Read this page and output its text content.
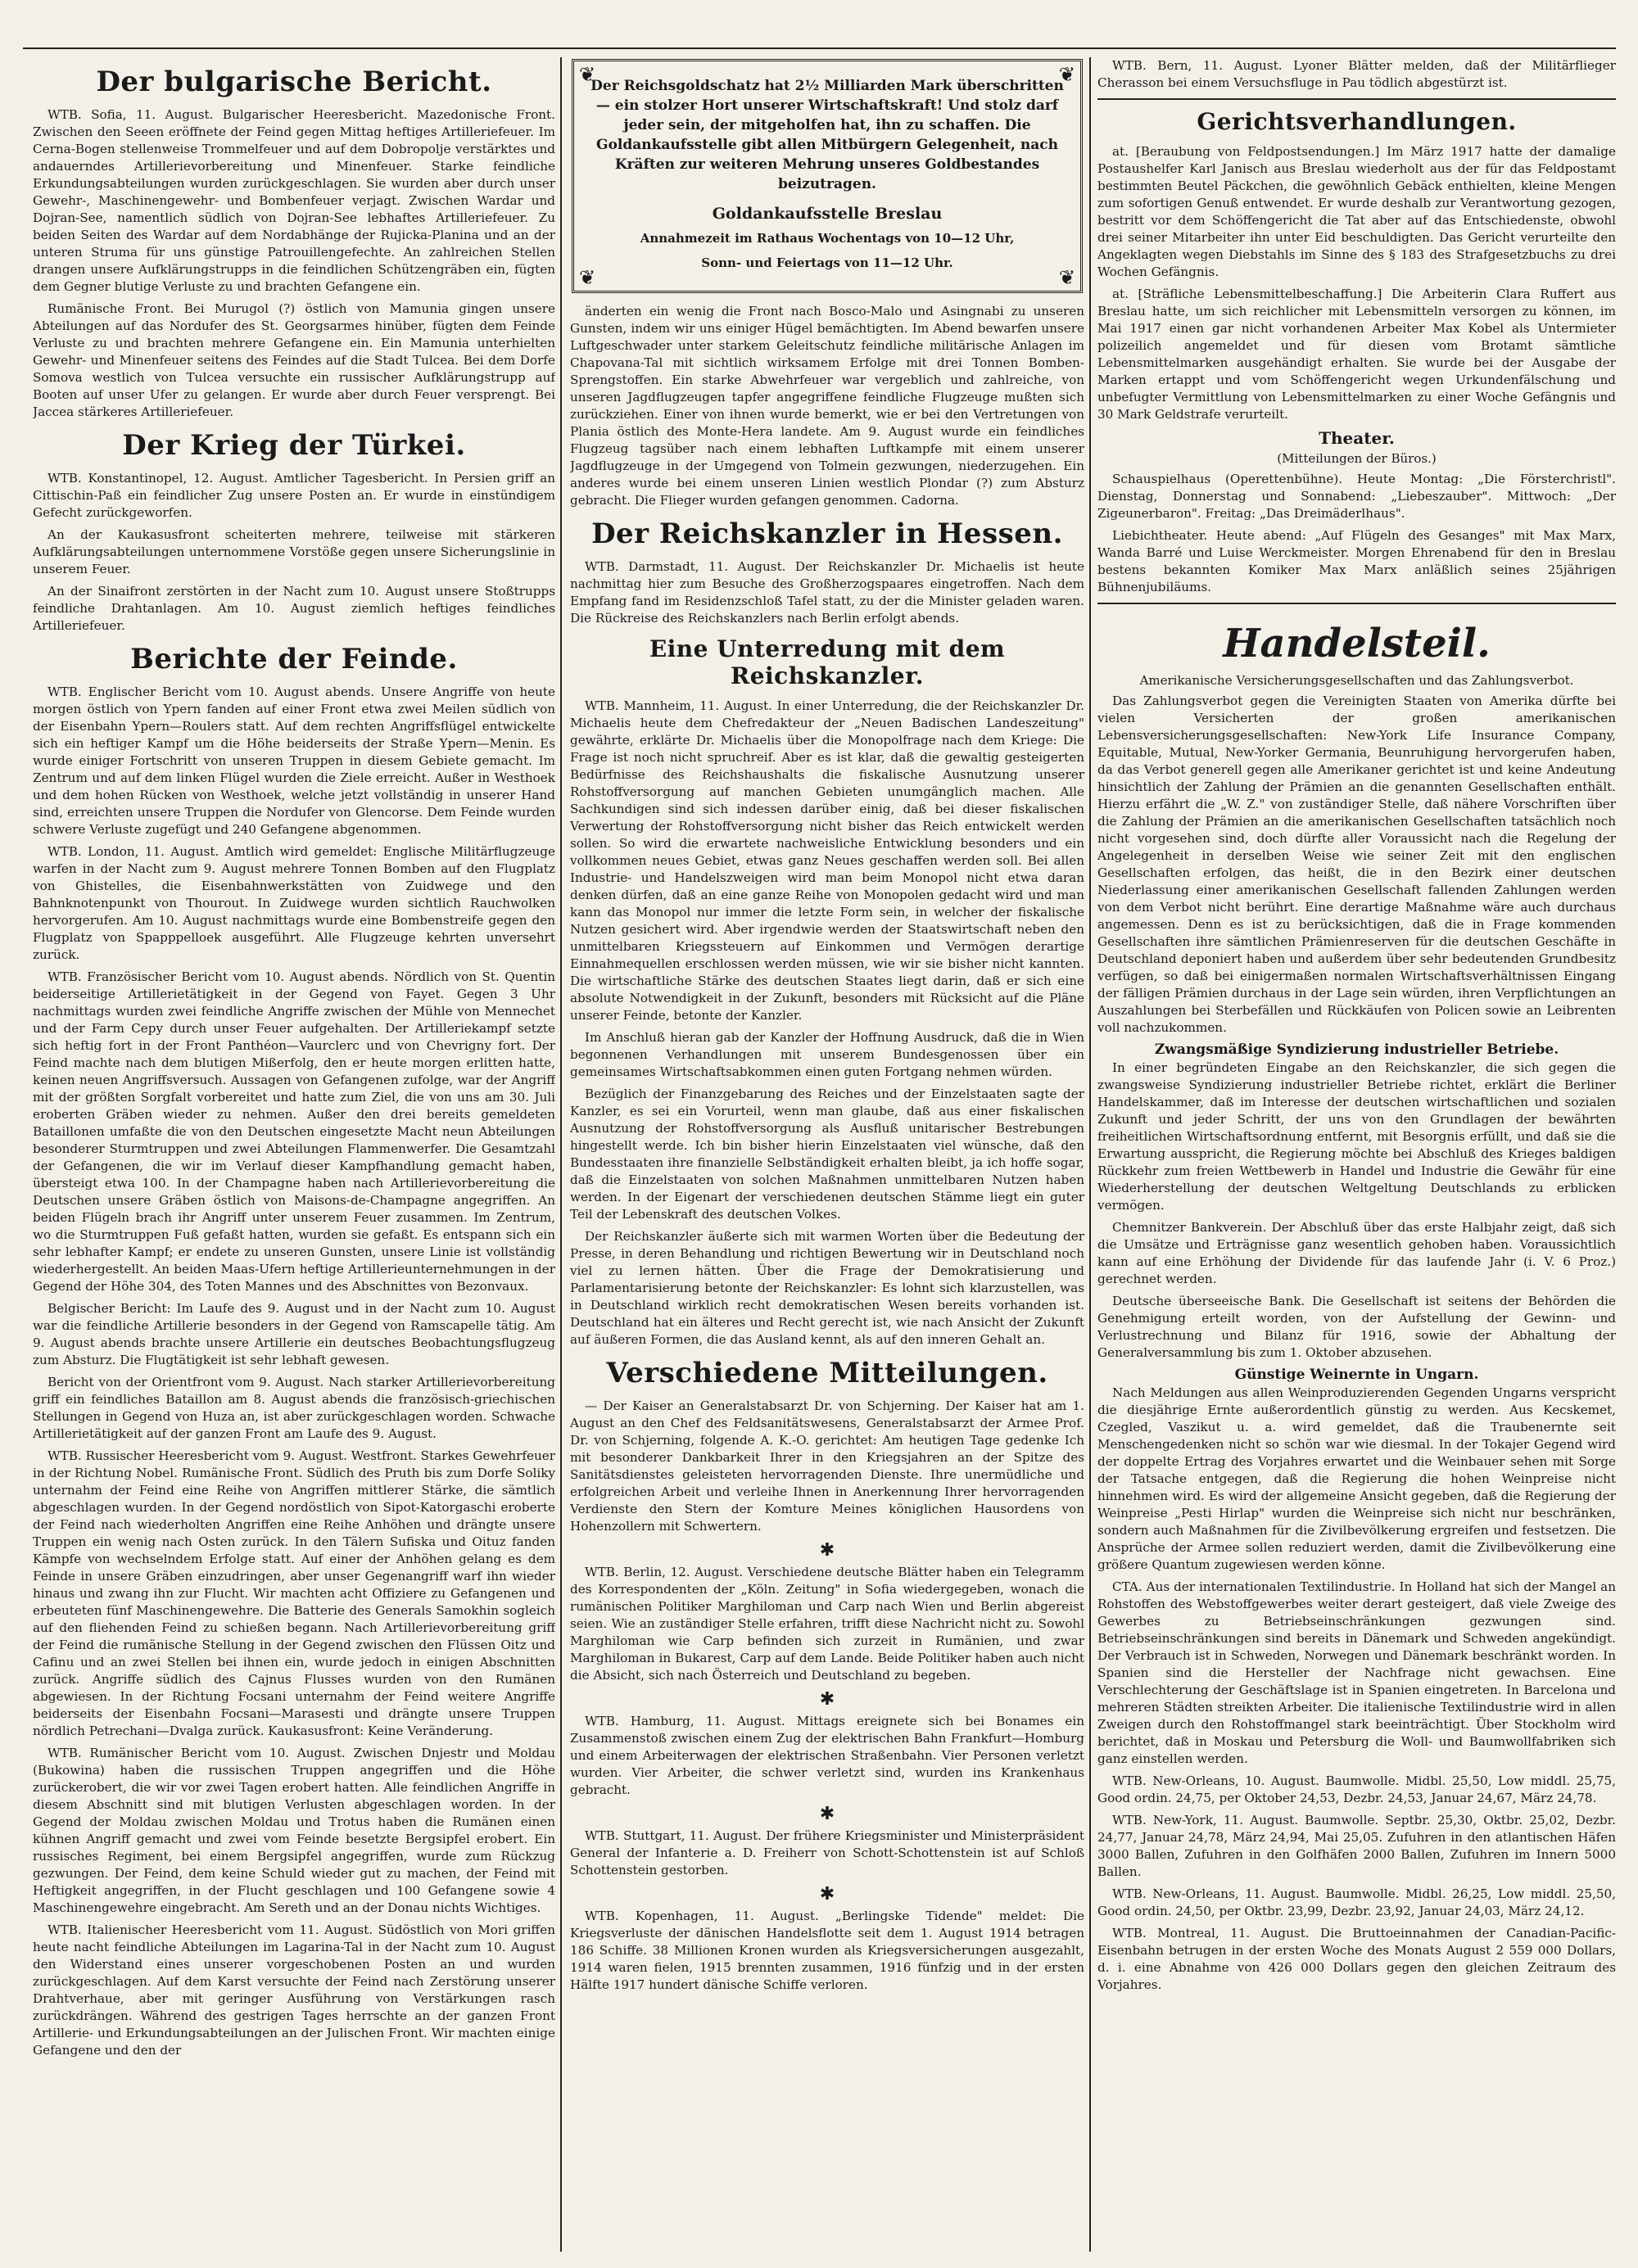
Der bulgarische Bericht.

WTB. Sofia, 11. August. Bulgarischer Heeresbericht. Mazedonische Front. Zwischen den Seeen eröffnete der Feind gegen Mittag heftiges Artilleriefeuer. Im Cerna-Bogen stellenweise Trommelfeuer und auf dem Dobropolje verstärktes und andauerndes Artillerievorbereitung und Minenfeuer. Starke feindliche Erkundungsabteilungen wurden zurückgeschlagen. Sie wurden aber durch unser Gewehr-, Maschinengewehr- und Bombenfeuer verjagt. Zwischen Wardar und Dojran-See, namentlich südlich von Dojran-See lebhaftes Artilleriefeuer. Zu beiden Seiten des Wardar auf dem Nordabhänge der Rujicka-Planina und an der unteren Struma für uns günstige Patrouillengefechte. An zahlreichen Stellen drangen unsere Aufklärungstrupps in die feindlichen Schützengräben ein, fügten dem Gegner blutige Verluste zu und brachten Gefangene ein.

Rumänische Front. Bei Murugol (?) östlich von Mamunia gingen unsere Abteilungen auf das Nordufer des St. Georgsarmes hinüber, fügten dem Feinde Verluste zu und brachten mehrere Gefangene ein. Ein Mamunia unterhielten Gewehr- und Minenfeuer seitens des Feindes auf die Stadt Tulcea. Bei dem Dorfe Somova westlich von Tulcea versuchte ein russischer Aufklärungstrupp auf Booten auf unser Ufer zu gelangen. Er wurde aber durch Feuer versprengt. Bei Jaccea stärkeres Artilleriefeuer.

Der Krieg der Türkei.

WTB. Konstantinopel, 12. August. Amtlicher Tagesbericht. In Persien griff an Cittischin-Paß ein feindlicher Zug unsere Posten an. Er wurde in einstündigem Gefecht zurückgeworfen.

An der Kaukasusfront scheiterten mehrere, teilweise mit stärkeren Aufklärungsabteilungen unternommene Vorstöße gegen unsere Sicherungslinie in unserem Feuer.

An der Sinaifront zerstörten in der Nacht zum 10. August unsere Stoßtrupps feindliche Drahtanlagen. Am 10. August ziemlich heftiges feindliches Artilleriefeuer.

Berichte der Feinde.

WTB. Englischer Bericht vom 10. August abends. Unsere Angriffe von heute morgen östlich von Ypern fanden auf einer Front etwa zwei Meilen südlich von der Eisenbahn Ypern—Roulers statt. Auf dem rechten Angriffsflügel entwickelte sich ein heftiger Kampf um die Höhe beiderseits der Straße Ypern—Menin. Es wurde einiger Fortschritt von unseren Truppen in diesem Gebiete gemacht. Im Zentrum und auf dem linken Flügel wurden die Ziele erreicht. Außer in Westhoek und dem hohen Rücken von Westhoek, welche jetzt vollständig in unserer Hand sind, erreichten unsere Truppen die Nordufer von Glencorse. Dem Feinde wurden schwere Verluste zugefügt und 240 Gefangene abgenommen.

WTB. London, 11. August. Amtlich wird gemeldet: Englische Militärflugzeuge warfen in der Nacht zum 9. August mehrere Tonnen Bomben auf den Flugplatz von Ghistelles, die Eisenbahnwerkstätten von Zuidwege und den Bahnknotenpunkt von Thourout. In Zuidwege wurden sichtlich Rauchwolken hervorgerufen. Am 10. August nachmittags wurde eine Bombenstreife gegen den Flugplatz von Spapppelloek ausgeführt. Alle Flugzeuge kehrten unversehrt zurück.

WTB. Französischer Bericht vom 10. August abends. Nördlich von St. Quentin beiderseitige Artillerietätigkeit in der Gegend von Fayet. Gegen 3 Uhr nachmittags wurden zwei feindliche Angriffe zwischen der Mühle von Mennechet und der Farm Cepy durch unser Feuer aufgehalten. Der Artilleriekampf setzte sich heftig fort in der Front Panthéon—Vaurclerc und von Chevrigny fort. Der Feind machte nach dem blutigen Mißerfolg, den er heute morgen erlitten hatte, keinen neuen Angriffsversuch. Aussagen von Gefangenen zufolge, war der Angriff mit der größten Sorgfalt vorbereitet und hatte zum Ziel, die von uns am 30. Juli eroberten Gräben wieder zu nehmen. Außer den drei bereits gemeldeten Bataillonen umfaßte die von den Deutschen eingesetzte Macht neun Abteilungen besonderer Sturmtruppen und zwei Abteilungen Flammenwerfer. Die Gesamtzahl der Gefangenen, die wir im Verlauf dieser Kampfhandlung gemacht haben, übersteigt etwa 100. In der Champagne haben nach Artillerievorbereitung die Deutschen unsere Gräben östlich von Maisons-de-Champagne angegriffen. An beiden Flügeln brach ihr Angriff unter unserem Feuer zusammen. Im Zentrum, wo die Sturmtruppen Fuß gefaßt hatten, wurden sie gefaßt. Es entspann sich ein sehr lebhafter Kampf; er endete zu unseren Gunsten, unsere Linie ist vollständig wiederhergestellt. An beiden Maas-Ufern heftige Artillerieunternehmungen in der Gegend der Höhe 304, des Toten Mannes und des Abschnittes von Bezonvaux.

Belgischer Bericht: Im Laufe des 9. August und in der Nacht zum 10. August war die feindliche Artillerie besonders in der Gegend von Ramscapelle tätig. Am 9. August abends brachte unsere Artillerie ein deutsches Beobachtungsflugzeug zum Absturz. Die Flugtätigkeit ist sehr lebhaft gewesen.

Bericht von der Orientfront vom 9. August. Nach starker Artillerievorbereitung griff ein feindliches Bataillon am 8. August abends die französisch-griechischen Stellungen in Gegend von Huza an, ist aber zurückgeschlagen worden. Schwache Artillerietätigkeit auf der ganzen Front am Laufe des 9. August.

WTB. Russischer Heeresbericht vom 9. August. Westfront. Starkes Gewehrfeuer in der Richtung Nobel. Rumänische Front. Südlich des Pruth bis zum Dorfe Soliky unternahm der Feind eine Reihe von Angriffen mittlerer Stärke, die sämtlich abgeschlagen wurden. In der Gegend nordöstlich von Sipot-Katorgaschi eroberte der Feind nach wiederholten Angriffen eine Reihe Anhöhen und drängte unsere Truppen ein wenig nach Osten zurück. In den Tälern Sufiska und Oituz fanden Kämpfe von wechselndem Erfolge statt. Auf einer der Anhöhen gelang es dem Feinde in unsere Gräben einzudringen, aber unser Gegenangriff warf ihn wieder hinaus und zwang ihn zur Flucht. Wir machten acht Offiziere zu Gefangenen und erbeuteten fünf Maschinengewehre. Die Batterie des Generals Samokhin sogleich auf den fliehenden Feind zu schießen begann. Nach Artillerievorbereitung griff der Feind die rumänische Stellung in der Gegend zwischen den Flüssen Oitz und Cafinu und an zwei Stellen bei ihnen ein, wurde jedoch in einigen Abschnitten zurück. Angriffe südlich des Cajnus Flusses wurden von den Rumänen abgewiesen. In der Richtung Focsani unternahm der Feind weitere Angriffe beiderseits der Eisenbahn Focsani—Marasesti und drängte unsere Truppen nördlich Petrechani—Dvalga zurück. Kaukasusfront: Keine Veränderung.

WTB. Rumänischer Bericht vom 10. August. Zwischen Dnjestr und Moldau (Bukowina) haben die russischen Truppen angegriffen und die Höhe zurückerobert, die wir vor zwei Tagen erobert hatten. Alle feindlichen Angriffe in diesem Abschnitt sind mit blutigen Verlusten abgeschlagen worden. In der Gegend der Moldau zwischen Moldau und Trotus haben die Rumänen einen kühnen Angriff gemacht und zwei vom Feinde besetzte Bergsipfel erobert. Ein russisches Regiment, bei einem Bergsipfel angegriffen, wurde zum Rückzug gezwungen. Der Feind, dem keine Schuld wieder gut zu machen, der Feind mit Heftigkeit angegriffen, in der Flucht geschlagen und 100 Gefangene sowie 4 Maschinengewehre eingebracht. Am Sereth und an der Donau nichts Wichtiges.

WTB. Italienischer Heeresbericht vom 11. August. Südöstlich von Mori griffen heute nacht feindliche Abteilungen im Lagarina-Tal in der Nacht zum 10. August den Widerstand eines unserer vorgeschobenen Posten an und wurden zurückgeschlagen. Auf dem Karst versuchte der Feind nach Zerstörung unserer Drahtverhaue, aber mit geringer Ausführung von Verstärkungen rasch zurückdrängen. Während des gestrigen Tages herrschte an der ganzen Front Artillerie- und Erkundungsabteilungen an der Julischen Front. Wir machten einige Gefangene und den der

❦	❦
❦	❦

Der Reichsgoldschatz hat 2½ Milliarden Mark überschritten — ein stolzer Hort unserer Wirtschaftskraft! Und stolz darf jeder sein, der mitgeholfen hat, ihn zu schaffen. Die Goldankaufsstelle gibt allen Mitbürgern Gelegenheit, nach Kräften zur weiteren Mehrung unseres Goldbestandes beizutragen.

Goldankaufsstelle Breslau

Annahmezeit im Rathaus Wochentags von 10—12 Uhr,

Sonn- und Feiertags von 11—12 Uhr.

änderten ein wenig die Front nach Bosco-Malo und Asingnabi zu unseren Gunsten, indem wir uns einiger Hügel bemächtigten. Im Abend bewarfen unsere Luftgeschwader unter starkem Geleitschutz feindliche militärische Anlagen im Chapovana-Tal mit sichtlich wirksamem Erfolge mit drei Tonnen Bomben-Sprengstoffen. Ein starke Abwehrfeuer war vergeblich und zahlreiche, von unseren Jagdflugzeugen tapfer angegriffene feindliche Flugzeuge mußten sich zurückziehen. Einer von ihnen wurde bemerkt, wie er bei den Vertretungen von Plania östlich des Monte-Hera landete. Am 9. August wurde ein feindliches Flugzeug tagsüber nach einem lebhaften Luftkampfe mit einem unserer Jagdflugzeuge in der Umgegend von Tolmein gezwungen, niederzugehen. Ein anderes wurde bei einem unseren Linien westlich Plondar (?) zum Absturz gebracht. Die Flieger wurden gefangen genommen. Cadorna.

Der Reichskanzler in Hessen.

WTB. Darmstadt, 11. August. Der Reichskanzler Dr. Michaelis ist heute nachmittag hier zum Besuche des Großherzogspaares eingetroffen. Nach dem Empfang fand im Residenzschloß Tafel statt, zu der die Minister geladen waren. Die Rückreise des Reichskanzlers nach Berlin erfolgt abends.

Eine Unterredung mit dem Reichskanzler.

WTB. Mannheim, 11. August. In einer Unterredung, die der Reichskanzler Dr. Michaelis heute dem Chefredakteur der „Neuen Badischen Landeszeitung" gewährte, erklärte Dr. Michaelis über die Monopolfrage nach dem Kriege: Die Frage ist noch nicht spruchreif. Aber es ist klar, daß die gewaltig gesteigerten Bedürfnisse des Reichshaushalts die fiskalische Ausnutzung unserer Rohstoffversorgung auf manchen Gebieten unumgänglich machen. Alle Sachkundigen sind sich indessen darüber einig, daß bei dieser fiskalischen Verwertung der Rohstoffversorgung nicht bisher das Reich entwickelt werden sollen. So wird die erwartete nachweisliche Entwicklung besonders und ein vollkommen neues Gebiet, etwas ganz Neues geschaffen werden soll. Bei allen Industrie- und Handelszweigen wird man beim Monopol nicht etwa daran denken dürfen, daß an eine ganze Reihe von Monopolen gedacht wird und man kann das Monopol nur immer die letzte Form sein, in welcher der fiskalische Nutzen gesichert wird. Aber irgendwie werden der Staatswirtschaft neben den unmittelbaren Kriegssteuern auf Einkommen und Vermögen derartige Einnahmequellen erschlossen werden müssen, wie wir sie bisher nicht kannten. Die wirtschaftliche Stärke des deutschen Staates liegt darin, daß er sich eine absolute Notwendigkeit in der Zukunft, besonders mit Rücksicht auf die Pläne unserer Feinde, betonte der Kanzler.

Im Anschluß hieran gab der Kanzler der Hoffnung Ausdruck, daß die in Wien begonnenen Verhandlungen mit unserem Bundesgenossen über ein gemeinsames Wirtschaftsabkommen einen guten Fortgang nehmen würden.

Bezüglich der Finanzgebarung des Reiches und der Einzelstaaten sagte der Kanzler, es sei ein Vorurteil, wenn man glaube, daß aus einer fiskalischen Ausnutzung der Rohstoffversorgung als Ausfluß unitarischer Bestrebungen hingestellt werde. Ich bin bisher hierin Einzelstaaten viel wünsche, daß den Bundesstaaten ihre finanzielle Selbständigkeit erhalten bleibt, ja ich hoffe sogar, daß die Einzelstaaten von solchen Maßnahmen unmittelbaren Nutzen haben werden. In der Eigenart der verschiedenen deutschen Stämme liegt ein guter Teil der Lebenskraft des deutschen Volkes.

Der Reichskanzler äußerte sich mit warmen Worten über die Bedeutung der Presse, in deren Behandlung und richtigen Bewertung wir in Deutschland noch viel zu lernen hätten. Über die Frage der Demokratisierung und Parlamentarisierung betonte der Reichskanzler: Es lohnt sich klarzustellen, was in Deutschland wirklich recht demokratischen Wesen bereits vorhanden ist. Deutschland hat ein älteres und Recht gerecht ist, wie nach Ansicht der Zukunft auf äußeren Formen, die das Ausland kennt, als auf den inneren Gehalt an.

Verschiedene Mitteilungen.

— Der Kaiser an Generalstabsarzt Dr. von Schjerning. Der Kaiser hat am 1. August an den Chef des Feldsanitätswesens, Generalstabsarzt der Armee Prof. Dr. von Schjerning, folgende A. K.-O. gerichtet: Am heutigen Tage gedenke Ich mit besonderer Dankbarkeit Ihrer in den Kriegsjahren an der Spitze des Sanitätsdienstes geleisteten hervorragenden Dienste. Ihre unermüdliche und erfolgreichen Arbeit und verleihe Ihnen in Anerkennung Ihrer hervorragenden Verdienste den Stern der Komture Meines königlichen Hausordens von Hohenzollern mit Schwertern.

✱

WTB. Berlin, 12. August. Verschiedene deutsche Blätter haben ein Telegramm des Korrespondenten der „Köln. Zeitung" in Sofia wiedergegeben, wonach die rumänischen Politiker Marghiloman und Carp nach Wien und Berlin abgereist seien. Wie an zuständiger Stelle erfahren, trifft diese Nachricht nicht zu. Sowohl Marghiloman wie Carp befinden sich zurzeit in Rumänien, und zwar Marghiloman in Bukarest, Carp auf dem Lande. Beide Politiker haben auch nicht die Absicht, sich nach Österreich und Deutschland zu begeben.

✱

WTB. Hamburg, 11. August. Mittags ereignete sich bei Bonames ein Zusammenstoß zwischen einem Zug der elektrischen Bahn Frankfurt—Homburg und einem Arbeiterwagen der elektrischen Straßenbahn. Vier Personen verletzt wurden. Vier Arbeiter, die schwer verletzt sind, wurden ins Krankenhaus gebracht.

✱

WTB. Stuttgart, 11. August. Der frühere Kriegsminister und Ministerpräsident General der Infanterie a. D. Freiherr von Schott-Schottenstein ist auf Schloß Schottenstein gestorben.

✱

WTB. Kopenhagen, 11. August. „Berlingske Tidende" meldet: Die Kriegsverluste der dänischen Handelsflotte seit dem 1. August 1914 betragen 186 Schiffe. 38 Millionen Kronen wurden als Kriegsversicherungen ausgezahlt, 1914 waren fielen, 1915 brennten zusammen, 1916 fünfzig und in der ersten Hälfte 1917 hundert dänische Schiffe verloren.

WTB. Bern, 11. August. Lyoner Blätter melden, daß der Militärflieger Cherasson bei einem Versuchsfluge in Pau tödlich abgestürzt ist.

Gerichtsverhandlungen.

at. [Beraubung von Feldpostsendungen.] Im März 1917 hatte der damalige Postaushelfer Karl Janisch aus Breslau wiederholt aus der für das Feldpostamt bestimmten Beutel Päckchen, die gewöhnlich Gebäck enthielten, kleine Mengen zum sofortigen Genuß entwendet. Er wurde deshalb zur Verantwortung gezogen, bestritt vor dem Schöffengericht die Tat aber auf das Entschiedenste, obwohl drei seiner Mitarbeiter ihn unter Eid beschuldigten. Das Gericht verurteilte den Angeklagten wegen Diebstahls im Sinne des § 183 des Strafgesetzbuchs zu drei Wochen Gefängnis.

at. [Sträfliche Lebensmittelbeschaffung.] Die Arbeiterin Clara Ruffert aus Breslau hatte, um sich reichlicher mit Lebensmitteln versorgen zu können, im Mai 1917 einen gar nicht vorhandenen Arbeiter Max Kobel als Untermieter polizeilich angemeldet und für diesen vom Brotamt sämtliche Lebensmittelmarken ausgehändigt erhalten. Sie wurde bei der Ausgabe der Marken ertappt und vom Schöffengericht wegen Urkundenfälschung und unbefugter Vermittlung von Lebensmittelmarken zu einer Woche Gefängnis und 30 Mark Geldstrafe verurteilt.

Theater.
(Mitteilungen der Büros.)

Schauspielhaus (Operettenbühne). Heute Montag: „Die Försterchristl". Dienstag, Donnerstag und Sonnabend: „Liebeszauber". Mittwoch: „Der Zigeunerbaron". Freitag: „Das Dreimäderlhaus".

Liebichtheater. Heute abend: „Auf Flügeln des Gesanges" mit Max Marx, Wanda Barré und Luise Werckmeister. Morgen Ehrenabend für den in Breslau bestens bekannten Komiker Max Marx anläßlich seines 25jährigen Bühnenjubiläums.

Handelsteil.
Amerikanische Versicherungsgesellschaften und das Zahlungsverbot.

Das Zahlungsverbot gegen die Vereinigten Staaten von Amerika dürfte bei vielen Versicherten der großen amerikanischen Lebensversicherungsgesellschaften: New-York Life Insurance Company, Equitable, Mutual, New-Yorker Germania, Beunruhigung hervorgerufen haben, da das Verbot generell gegen alle Amerikaner gerichtet ist und keine Andeutung hinsichtlich der Zahlung der Prämien an die genannten Gesellschaften enthält. Hierzu erfährt die „W. Z." von zuständiger Stelle, daß nähere Vorschriften über die Zahlung der Prämien an die amerikanischen Gesellschaften tatsächlich noch nicht vorgesehen sind, doch dürfte aller Voraussicht nach die Regelung der Angelegenheit in derselben Weise wie seiner Zeit mit den englischen Gesellschaften erfolgen, das heißt, die in den Bezirk einer deutschen Niederlassung einer amerikanischen Gesellschaft fallenden Zahlungen werden von dem Verbot nicht berührt. Eine derartige Maßnahme wäre auch durchaus angemessen. Denn es ist zu berücksichtigen, daß die in Frage kommenden Gesellschaften ihre sämtlichen Prämienreserven für die deutschen Geschäfte in Deutschland deponiert haben und außerdem über sehr bedeutenden Grundbesitz verfügen, so daß bei einigermaßen normalen Wirtschaftsverhältnissen Eingang der fälligen Prämien durchaus in der Lage sein würden, ihren Verpflichtungen an Auszahlungen bei Sterbefällen und Rückkäufen von Policen sowie an Leibrenten voll nachzukommen.

Zwangsmäßige Syndizierung industrieller Betriebe.

In einer begründeten Eingabe an den Reichskanzler, die sich gegen die zwangsweise Syndizierung industrieller Betriebe richtet, erklärt die Berliner Handelskammer, daß im Interesse der deutschen wirtschaftlichen und sozialen Zukunft und jeder Schritt, der uns von den Grundlagen der bewährten freiheitlichen Wirtschaftsordnung entfernt, mit Besorgnis erfüllt, und daß sie die Erwartung ausspricht, die Regierung möchte bei Abschluß des Krieges baldigen Rückkehr zum freien Wettbewerb in Handel und Industrie die Gewähr für eine Wiederherstellung der deutschen Weltgeltung Deutschlands zu erblicken vermögen.

Chemnitzer Bankverein. Der Abschluß über das erste Halbjahr zeigt, daß sich die Umsätze und Erträgnisse ganz wesentlich gehoben haben. Voraussichtlich kann auf eine Erhöhung der Dividende für das laufende Jahr (i. V. 6 Proz.) gerechnet werden.

Deutsche überseeische Bank. Die Gesellschaft ist seitens der Behörden die Genehmigung erteilt worden, von der Aufstellung der Gewinn- und Verlustrechnung und Bilanz für 1916, sowie der Abhaltung der Generalversammlung bis zum 1. Oktober abzusehen.

Günstige Weinernte in Ungarn.

Nach Meldungen aus allen Weinproduzierenden Gegenden Ungarns verspricht die diesjährige Ernte außerordentlich günstig zu werden. Aus Kecskemet, Czegled, Vaszikut u. a. wird gemeldet, daß die Traubenernte seit Menschengedenken nicht so schön war wie diesmal. In der Tokajer Gegend wird der doppelte Ertrag des Vorjahres erwartet und die Weinbauer sehen mit Sorge der Tatsache entgegen, daß die Regierung die hohen Weinpreise nicht hinnehmen wird. Es wird der allgemeine Ansicht gegeben, daß die Regierung der Weinpreise „Pesti Hirlap" wurden die Weinpreise sich nicht nur beschränken, sondern auch Maßnahmen für die Zivilbevölkerung ergreifen und festsetzen. Die Ansprüche der Armee sollen reduziert werden, damit die Zivilbevölkerung eine größere Quantum zugewiesen werden könne.

CTA. Aus der internationalen Textilindustrie. In Holland hat sich der Mangel an Rohstoffen des Webstoffgewerbes weiter derart gesteigert, daß viele Zweige des Gewerbes zu Betriebseinschränkungen gezwungen sind. Betriebseinschränkungen sind bereits in Dänemark und Schweden angekündigt. Der Verbrauch ist in Schweden, Norwegen und Dänemark beschränkt worden. In Spanien sind die Hersteller der Nachfrage nicht gewachsen. Eine Verschlechterung der Geschäftslage ist in Spanien eingetreten. In Barcelona und mehreren Städten streikten Arbeiter. Die italienische Textilindustrie wird in allen Zweigen durch den Rohstoffmangel stark beeinträchtigt. Über Stockholm wird berichtet, daß in Moskau und Petersburg die Woll- und Baumwollfabriken sich ganz einstellen werden.

WTB. New-Orleans, 10. August. Baumwolle. Midbl. 25,50, Low middl. 25,75, Good ordin. 24,75, per Oktober 24,53, Dezbr. 24,53, Januar 24,67, März 24,78.

WTB. New-York, 11. August. Baumwolle. Septbr. 25,30, Oktbr. 25,02, Dezbr. 24,77, Januar 24,78, März 24,94, Mai 25,05. Zufuhren in den atlantischen Häfen 3000 Ballen, Zufuhren in den Golfhäfen 2000 Ballen, Zufuhren im Innern 5000 Ballen.

WTB. New-Orleans, 11. August. Baumwolle. Midbl. 26,25, Low middl. 25,50, Good ordin. 24,50, per Oktbr. 23,99, Dezbr. 23,92, Januar 24,03, März 24,12.

WTB. Montreal, 11. August. Die Bruttoeinnahmen der Canadian-Pacific-Eisenbahn betrugen in der ersten Woche des Monats August 2 559 000 Dollars, d. i. eine Abnahme von 426 000 Dollars gegen den gleichen Zeitraum des Vorjahres.
